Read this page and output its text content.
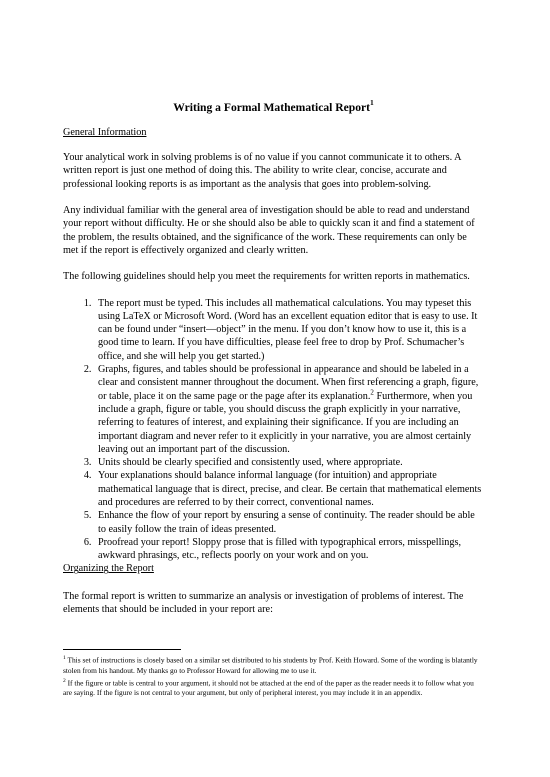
Writing a Formal Mathematical Report$^1$
General Information

Your analytical work in solving problems is of no value if you cannot communicate it to others. A written report is just one method of doing this. The ability to write clear, concise, accurate and professional looking reports is as important as the analysis that goes into problem-solving.

Any individual familiar with the general area of investigation should be able to read and understand your report without difficulty. He or she should also be able to quickly scan it and find a statement of the problem, the results obtained, and the significance of the work. These requirements can only be met if the report is effectively organized and clearly written.

The following guidelines should help you meet the requirements for written reports in mathematics.

1. The report must be typed. This includes all mathematical calculations. You may typeset this using LaTeX or Microsoft Word. (Word has an excellent equation editor that is easy to use. It can be found under “insert—object” in the menu. If you don’t know how to use it, this is a good time to learn. If you have difficulties, please feel free to drop by Prof. Schumacher’s office, and she will help you get started.)
2. Graphs, figures, and tables should be professional in appearance and should be labeled in a clear and consistent manner throughout the document. When first referencing a graph, figure, or table, place it on the same page or the page after its explanation.$^2$ Furthermore, when you include a graph, figure or table, you should discuss the graph explicitly in your narrative, referring to features of interest, and explaining their significance. If you are including an important diagram and never refer to it explicitly in your narrative, you are almost certainly leaving out an important part of the discussion.
3. Units should be clearly specified and consistently used, where appropriate.
4. Your explanations should balance informal language (for intuition) and appropriate mathematical language that is direct, precise, and clear. Be certain that mathematical elements and procedures are referred to by their correct, conventional names.
5. Enhance the flow of your report by ensuring a sense of continuity. The reader should be able to easily follow the train of ideas presented.
6. Proofread your report! Sloppy prose that is filled with typographical errors, misspellings, awkward phrasings, etc., reflects poorly on your work and on you.
Organizing the Report

The formal report is written to summarize an analysis or investigation of problems of interest. The elements that should be included in your report are:

$^1$ This set of instructions is closely based on a similar set distributed to his students by Prof. Keith Howard. Some of the wording is blatantly stolen from his handout. My thanks go to Professor Howard for allowing me to use it.

$^2$ If the figure or table is central to your argument, it should not be attached at the end of the paper as the reader needs it to follow what you are saying. If the figure is not central to your argument, but only of peripheral interest, you may include it in an appendix.
